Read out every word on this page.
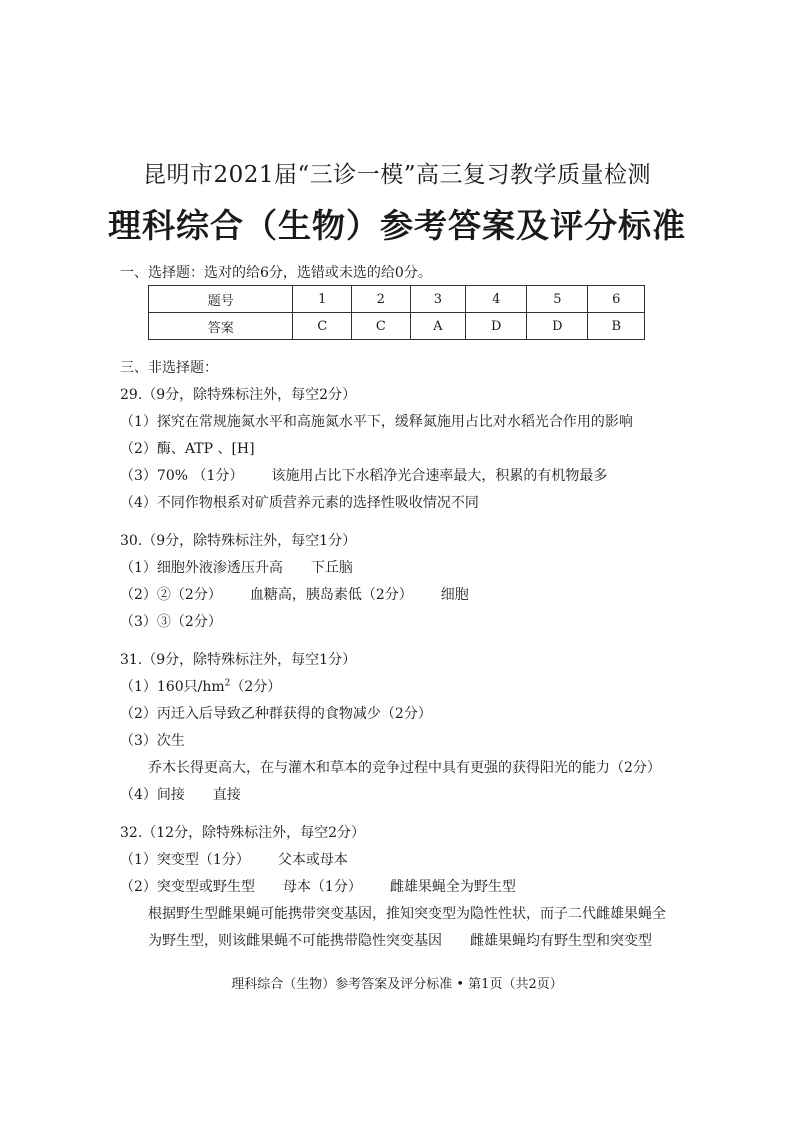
昆明市2021届“三诊一模”高三复习教学质量检测
理科综合（生物）参考答案及评分标准
一、选择题：选对的给6分，选错或未选的给0分。
题号	1	2	3	4	5	6
答案	C	C	A	D	D	B
三、非选择题：
29.（9分，除特殊标注外，每空2分）
（1）探究在常规施氮水平和高施氮水平下，缓释氮施用占比对水稻光合作用的影响
（2）酶、ATP 、[H]
（3）70% （1分） 该施用占比下水稻净光合速率最大，积累的有机物最多
（4）不同作物根系对矿质营养元素的选择性吸收情况不同
30.（9分，除特殊标注外，每空1分）
（1）细胞外液渗透压升高 下丘脑
（2）②（2分） 血糖高，胰岛素低（2分） 细胞
（3）③（2分）
31.（9分，除特殊标注外，每空1分）
（1）160只$/hm^2(2$分）
（2）丙迁入后导致乙种群获得的食物减少（2分）
（3）次生
乔木长得更高大，在与灌木和草本的竞争过程中具有更强的获得阳光的能力（2分）
（4）间接 直接
32.（12分，除特殊标注外，每空2分）
（1）突变型（1分） 父本或母本
（2）突变型或野生型 母本（1分） 雌雄果蝇全为野生型
根据野生型雌果蝇可能携带突变基因，推知突变型为隐性性状，而子二代雌雄果蝇全
为野生型，则该雌果蝇不可能携带隐性突变基因 雌雄果蝇均有野生型和突变型
理科综合（生物）参考答案及评分标准 • 第1页（共2页）
